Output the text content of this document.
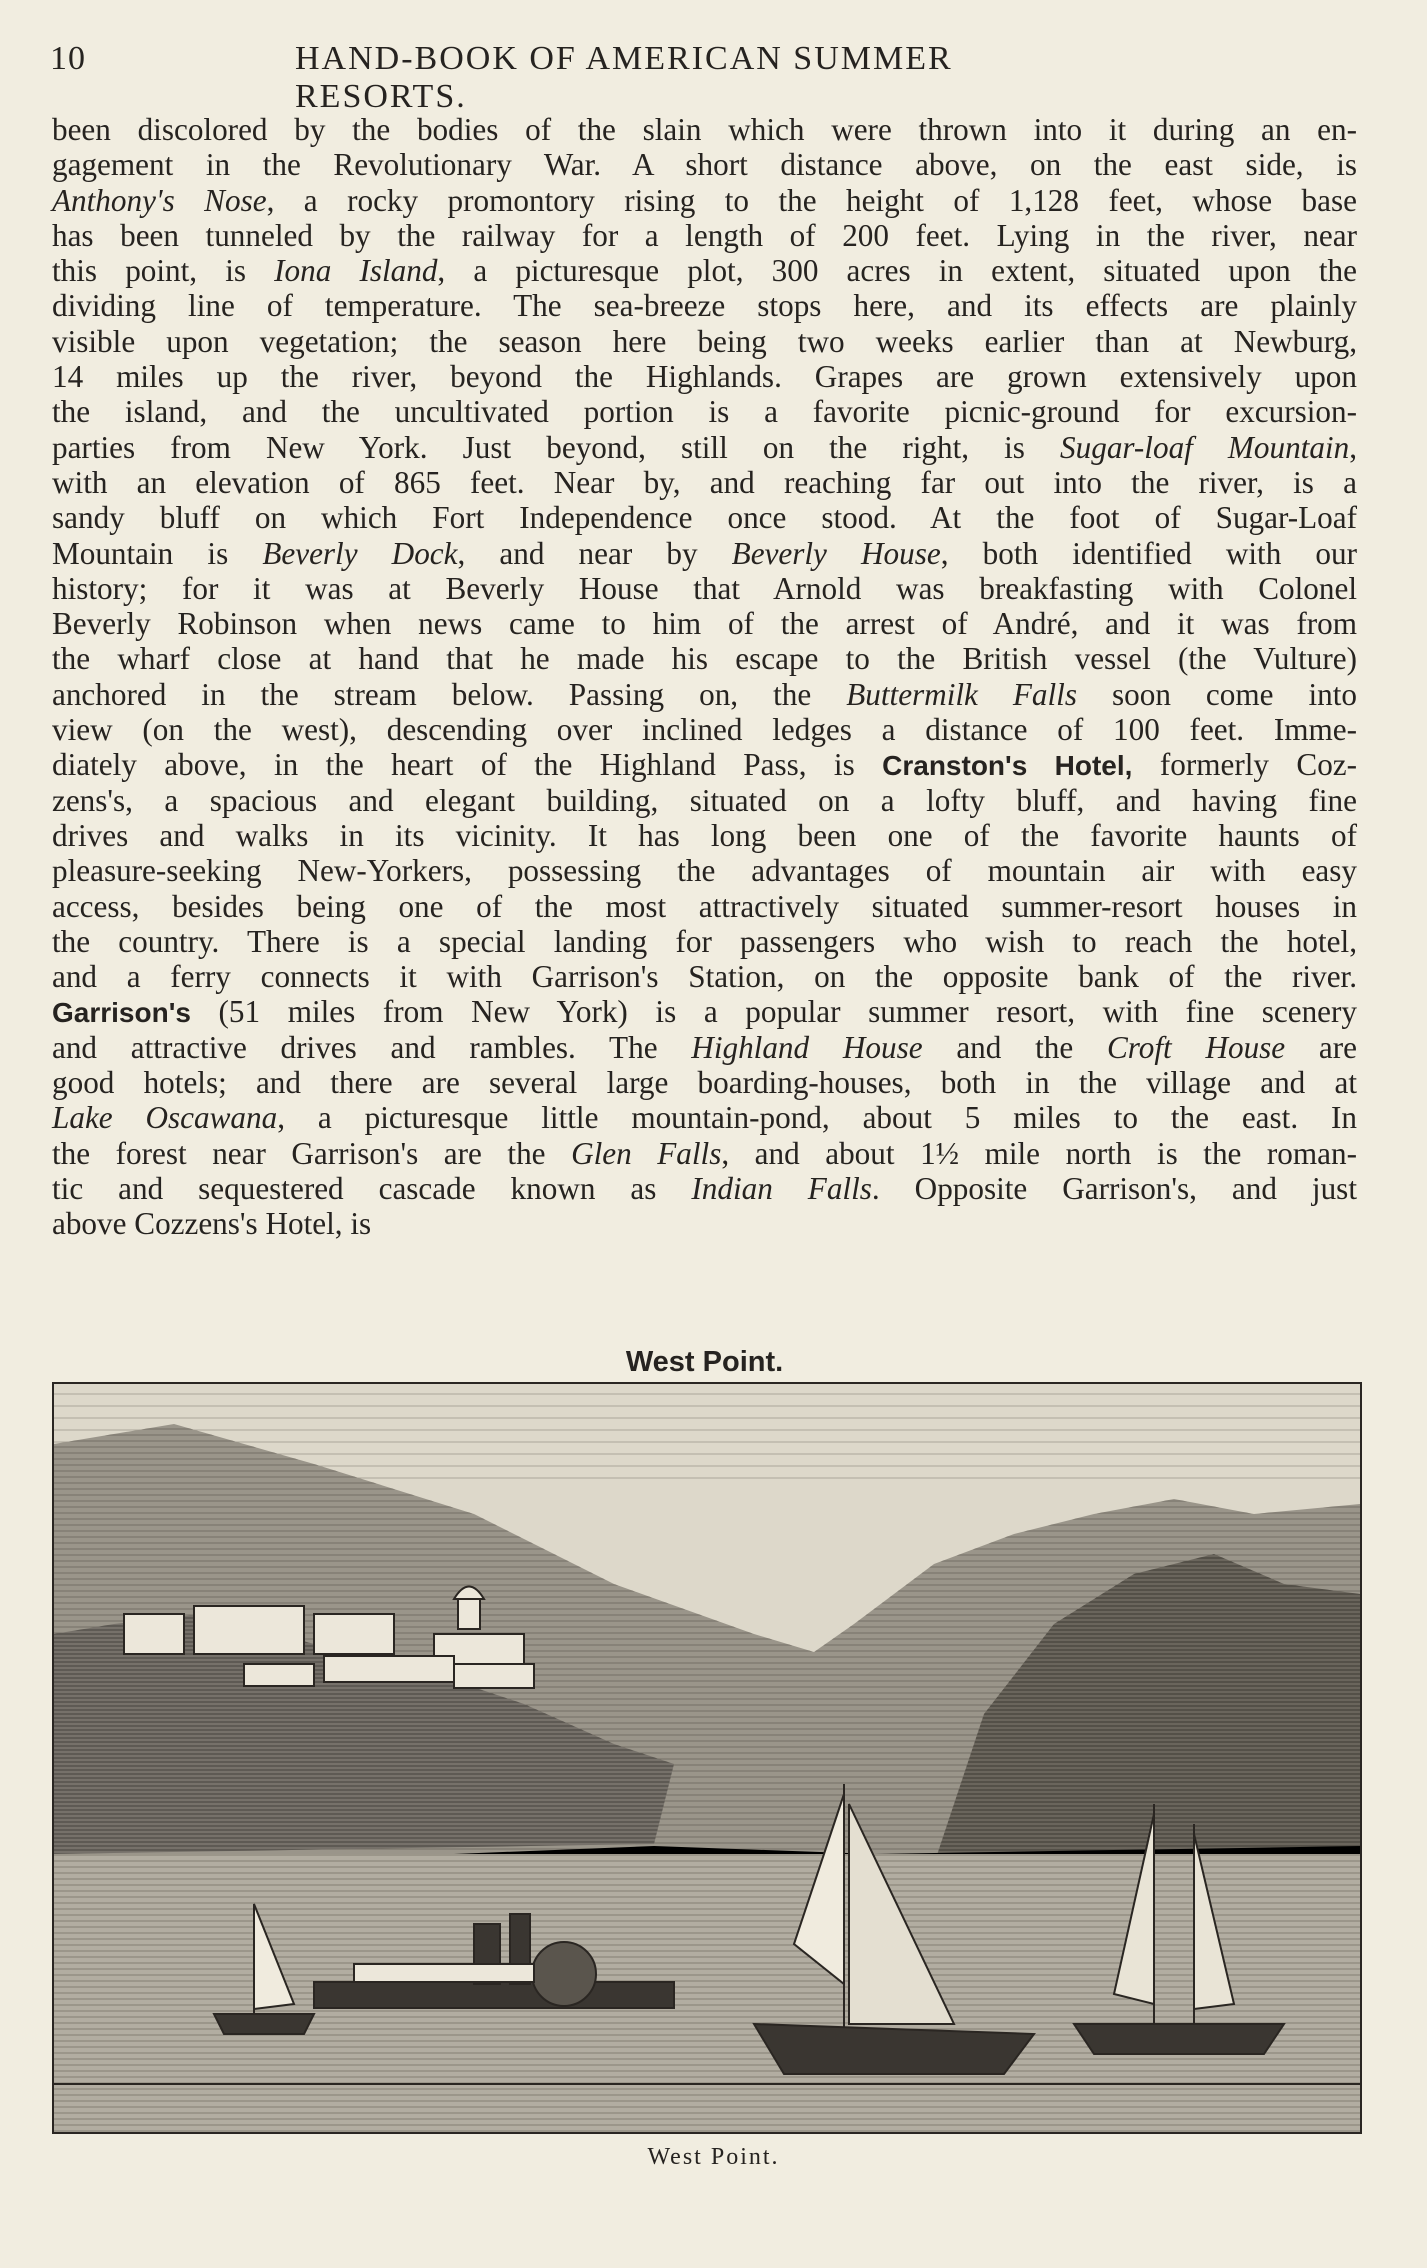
10	HAND-BOOK OF AMERICAN SUMMER RESORTS.
been discolored by the bodies of the slain which were thrown into it during an en-
gagement in the Revolutionary War. A short distance above, on the east side, is
Anthony's Nose, a rocky promontory rising to the height of 1,128 feet, whose base
has been tunneled by the railway for a length of 200 feet. Lying in the river, near
this point, is Iona Island, a picturesque plot, 300 acres in extent, situated upon the
dividing line of temperature. The sea-breeze stops here, and its effects are plainly
visible upon vegetation; the season here being two weeks earlier than at Newburg,
14 miles up the river, beyond the Highlands. Grapes are grown extensively upon
the island, and the uncultivated portion is a favorite picnic-ground for excursion-
parties from New York. Just beyond, still on the right, is Sugar-loaf Mountain,
with an elevation of 865 feet. Near by, and reaching far out into the river, is a
sandy bluff on which Fort Independence once stood. At the foot of Sugar-Loaf
Mountain is Beverly Dock, and near by Beverly House, both identified with our
history; for it was at Beverly House that Arnold was breakfasting with Colonel
Beverly Robinson when news came to him of the arrest of André, and it was from
the wharf close at hand that he made his escape to the British vessel (the Vulture)
anchored in the stream below. Passing on, the Buttermilk Falls soon come into
view (on the west), descending over inclined ledges a distance of 100 feet. Imme-
diately above, in the heart of the Highland Pass, is Cranston's Hotel, formerly Coz-
zens's, a spacious and elegant building, situated on a lofty bluff, and having fine
drives and walks in its vicinity. It has long been one of the favorite haunts of
pleasure-seeking New-Yorkers, possessing the advantages of mountain air with easy
access, besides being one of the most attractively situated summer-resort houses in
the country. There is a special landing for passengers who wish to reach the hotel,
and a ferry connects it with Garrison's Station, on the opposite bank of the river.
Garrison's (51 miles from New York) is a popular summer resort, with fine scenery
and attractive drives and rambles. The Highland House and the Croft House are
good hotels; and there are several large boarding-houses, both in the village and at
Lake Oscawana, a picturesque little mountain-pond, about 5 miles to the east. In
the forest near Garrison's are the Glen Falls, and about 1½ mile north is the roman-
tic and sequestered cascade known as Indian Falls. Opposite Garrison's, and just
above Cozzens's Hotel, is
West Point.
West Point.
